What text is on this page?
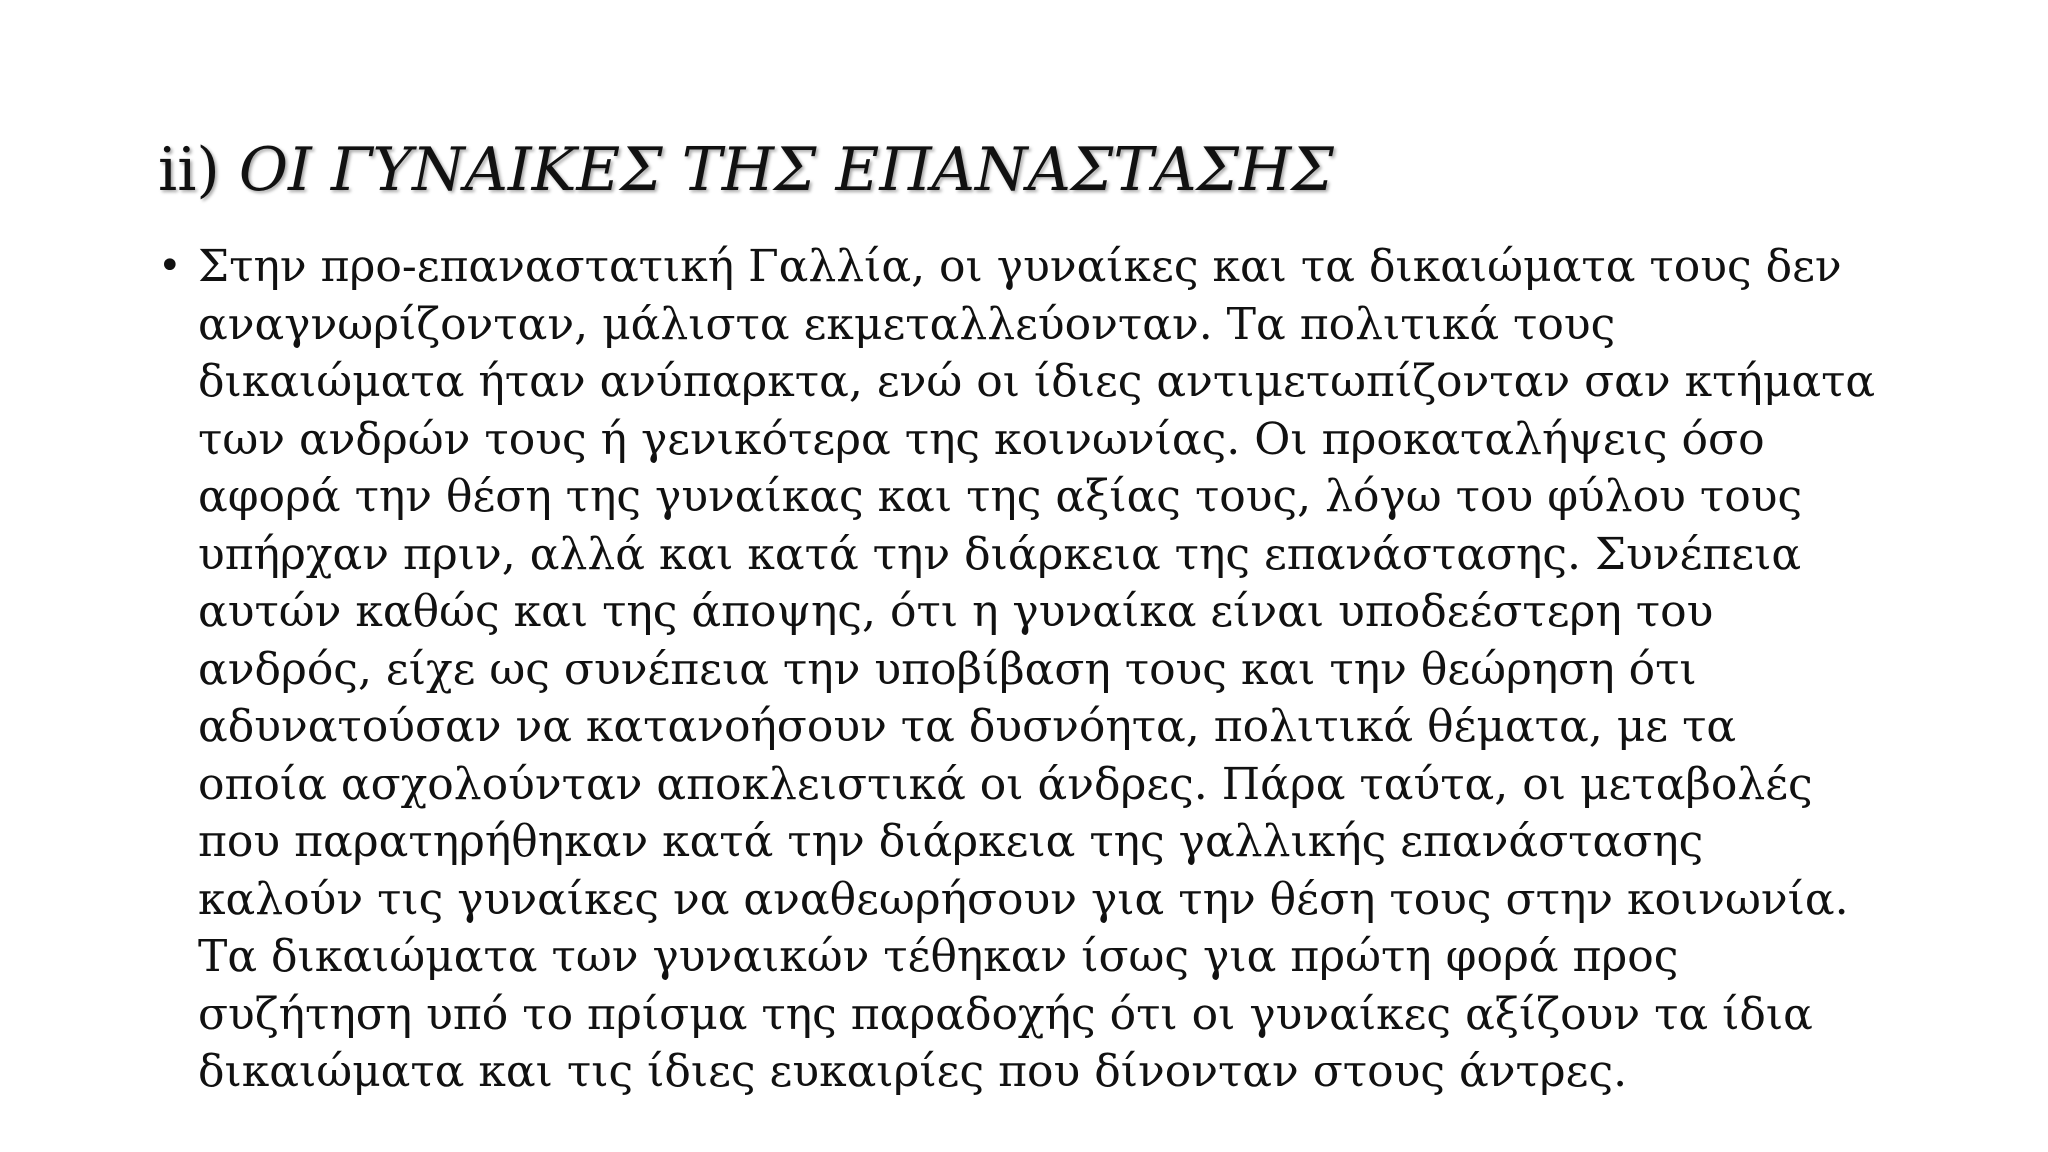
ii) ΟΙ ΓΥΝΑΙΚΕΣ ΤΗΣ ΕΠΑΝΑΣΤΑΣΗΣ
• Στην προ-επαναστατική Γαλλία, οι γυναίκες και τα δικαιώματα τους δεν
αναγνωρίζονταν, μάλιστα εκμεταλλεύονταν. Τα πολιτικά τους
δικαιώματα ήταν ανύπαρκτα, ενώ οι ίδιες αντιμετωπίζονταν σαν κτήματα
των ανδρών τους ή γενικότερα της κοινωνίας. Οι προκαταλήψεις όσο
αφορά την θέση της γυναίκας και της αξίας τους, λόγω του φύλου τους
υπήρχαν πριν, αλλά και κατά την διάρκεια της επανάστασης. Συνέπεια
αυτών καθώς και της άποψης, ότι η γυναίκα είναι υποδεέστερη του
ανδρός, είχε ως συνέπεια την υποβίβαση τους και την θεώρηση ότι
αδυνατούσαν να κατανοήσουν τα δυσνόητα, πολιτικά θέματα, με τα
οποία ασχολούνταν αποκλειστικά οι άνδρες. Πάρα ταύτα, οι μεταβολές
που παρατηρήθηκαν κατά την διάρκεια της γαλλικής επανάστασης
καλούν τις γυναίκες να αναθεωρήσουν για την θέση τους στην κοινωνία.
Τα δικαιώματα των γυναικών τέθηκαν ίσως για πρώτη φορά προς
συζήτηση υπό το πρίσμα της παραδοχής ότι οι γυναίκες αξίζουν τα ίδια
δικαιώματα και τις ίδιες ευκαιρίες που δίνονταν στους άντρες.
